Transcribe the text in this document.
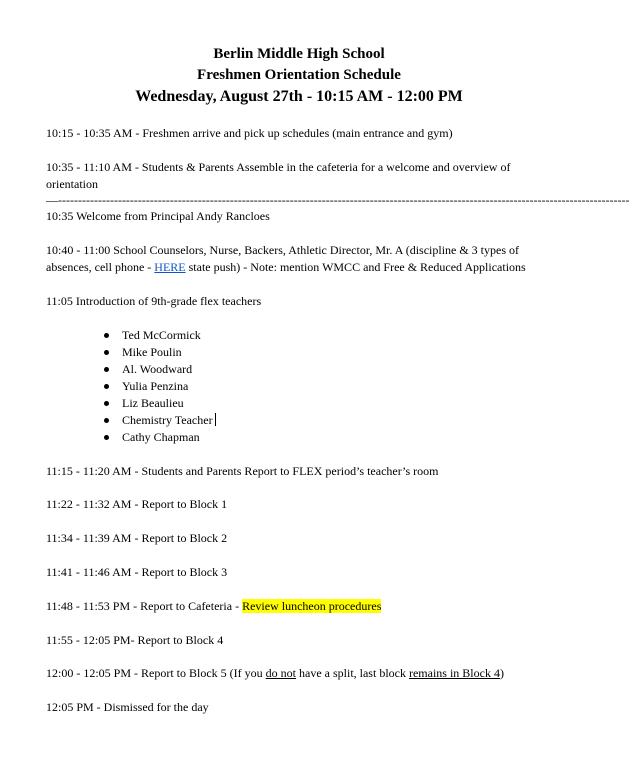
Berlin Middle High School
Freshmen Orientation Schedule
Wednesday, August 27th - 10:15 AM - 12:00 PM

10:15 - 10:35 AM - Freshmen arrive and pick up schedules (main entrance and gym)

10:35 - 11:10 AM - Students & Parents Assemble in the cafeteria for a welcome and overview of orientation

—-----------------------------------------------------------------------------------------------------------------------------------------------

10:35 Welcome from Principal Andy Rancloes

10:40 - 11:00 School Counselors, Nurse, Backers, Athletic Director, Mr. A (discipline & 3 types of absences, cell phone - HERE state push) - Note: mention WMCC and Free & Reduced Applications

11:05 Introduction of 9th-grade flex teachers

Ted McCormick
Mike Poulin
Al. Woodward
Yulia Penzina
Liz Beaulieu
Chemistry Teacher
Cathy Chapman

11:15 - 11:20 AM - Students and Parents Report to FLEX period’s teacher’s room

11:22 - 11:32 AM - Report to Block 1

11:34 - 11:39 AM - Report to Block 2

11:41 - 11:46 AM - Report to Block 3

11:48 - 11:53 PM - Report to Cafeteria - Review luncheon procedures

11:55 - 12:05 PM- Report to Block 4

12:00 - 12:05 PM - Report to Block 5 (If you do not have a split, last block remains in Block 4)

12:05 PM - Dismissed for the day
